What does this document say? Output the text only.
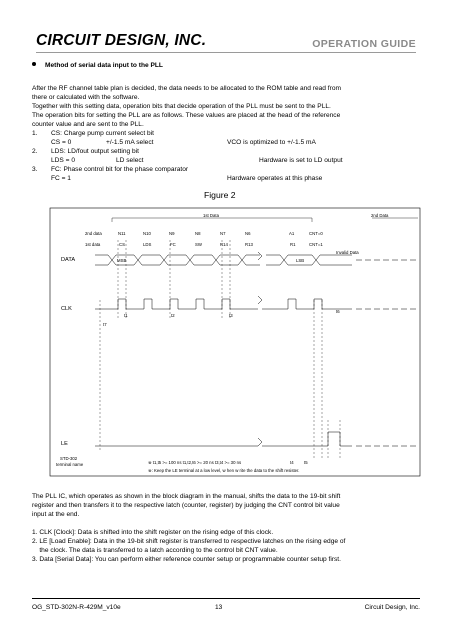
CIRCUIT DESIGN, INC.	OPERATION GUIDE
Method of serial data input to the PLL
After the RF channel table plan is decided, the data needs to be allocated to the ROM table and read from
there or calculated with the software.
Together with this setting data, operation bits that decide operation of the PLL must be sent to the PLL.
The operation bits for setting the PLL are as follows. These values are placed at the head of the reference
counter value and are sent to the PLL.
1. CS: Charge pump current select bit
CS = 0	+/-1.5 mA select	VCO is optimized to +/-1.5 mA
2. LDS: LD/fout output setting bit
LDS = 0	LD select	Hardware is set to LD output
3. FC: Phase control bit for the phase comparator
FC = 1	Hardware operates at this phase
Figure 2
1st Data	2nd Data
2nd data
1st data
N11	N10	N9	N8	N7	N6	A1	CNT=0
CS	LDS	FC	SW	R14	R13	R1	CNT=1
Invalid Data
MSB	LSB
DATA
CLK
LE
t1	t2	t3
t4 t5
t6
t7
STD-302
terminal name	※ t1,t5 >= 100 ns t1,t2,t6 >= 20 ns t3,t4 >= 30 ns
※: Keep the LE terminal at a low level, w hen w rite the data to the shift resister.
The PLL IC, which operates as shown in the block diagram in the manual, shifts the data to the 19-bit shift
register and then transfers it to the respective latch (counter, register) by judging the CNT control bit value
input at the end.
1. CLK [Clock]: Data is shifted into the shift register on the rising edge of this clock.
2. LE [Load Enable]: Data in the 19-bit shift register is transferred to respective latches on the rising edge of
the clock. The data is transferred to a latch according to the control bit CNT value.
3. Data [Serial Data]: You can perform either reference counter setup or programmable counter setup first.
OG_STD-302N-R-429M_v10e	13	Circuit Design, Inc.
